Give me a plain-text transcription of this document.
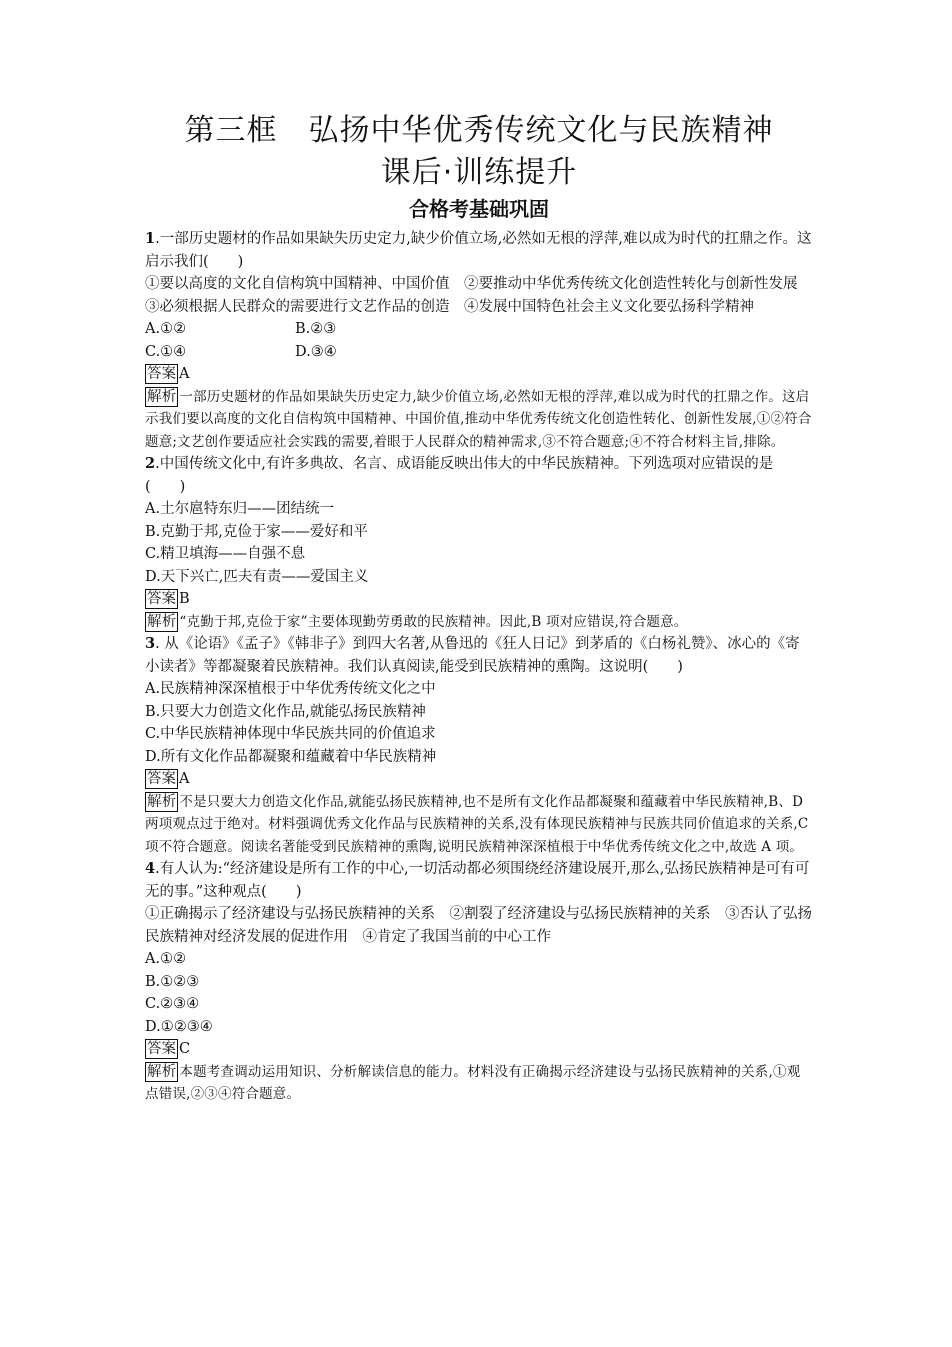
第三框　弘扬中华优秀传统文化与民族精神
课后·训练提升
合格考基础巩固

1.一部历史题材的作品如果缺失历史定力,缺少价值立场,必然如无根的浮萍,难以成为时代的扛鼎之作。这启示我们(　　)

①要以高度的文化自信构筑中国精神、中国价值　②要推动中华优秀传统文化创造性转化与创新性发展　③必须根据人民群众的需要进行文艺作品的创造　④发展中国特色社会主义文化要弘扬科学精神

A.①②	B.②③
C.①④	D.③④
答案 A
解析 一部历史题材的作品如果缺失历史定力,缺少价值立场,必然如无根的浮萍,难以成为时代的扛鼎之作。这启示我们要以高度的文化自信构筑中国精神、中国价值,推动中华优秀传统文化创造性转化、创新性发展,①②符合题意;文艺创作要适应社会实践的需要,着眼于人民群众的精神需求,③不符合题意;④不符合材料主旨,排除。

2.中国传统文化中,有许多典故、名言、成语能反映出伟大的中华民族精神。下列选项对应错误的是(　　)

A.土尔扈特东归——团结统一
B.克勤于邦,克俭于家——爱好和平
C.精卫填海——自强不息
D.天下兴亡,匹夫有责——爱国主义
答案 B
解析 “克勤于邦,克俭于家”主要体现勤劳勇敢的民族精神。因此,B 项对应错误,符合题意。

3. 从《论语》《孟子》《韩非子》到四大名著,从鲁迅的《狂人日记》到茅盾的《白杨礼赞》、冰心的《寄小读者》等都凝聚着民族精神。我们认真阅读,能受到民族精神的熏陶。这说明(　　)

A.民族精神深深植根于中华优秀传统文化之中
B.只要大力创造文化作品,就能弘扬民族精神
C.中华民族精神体现中华民族共同的价值追求
D.所有文化作品都凝聚和蕴藏着中华民族精神
答案 A
解析 不是只要大力创造文化作品,就能弘扬民族精神,也不是所有文化作品都凝聚和蕴藏着中华民族精神,B、D 两项观点过于绝对。材料强调优秀文化作品与民族精神的关系,没有体现民族精神与民族共同价值追求的关系,C 项不符合题意。阅读名著能受到民族精神的熏陶,说明民族精神深深植根于中华优秀传统文化之中,故选 A 项。

4.有人认为:“经济建设是所有工作的中心,一切活动都必须围绕经济建设展开,那么,弘扬民族精神是可有可无的事。”这种观点(　　)

①正确揭示了经济建设与弘扬民族精神的关系　②割裂了经济建设与弘扬民族精神的关系　③否认了弘扬民族精神对经济发展的促进作用　④肯定了我国当前的中心工作

A.①②
B.①②③
C.②③④
D.①②③④
答案 C
解析 本题考查调动运用知识、分析解读信息的能力。材料没有正确揭示经济建设与弘扬民族精神的关系,①观点错误,②③④符合题意。
